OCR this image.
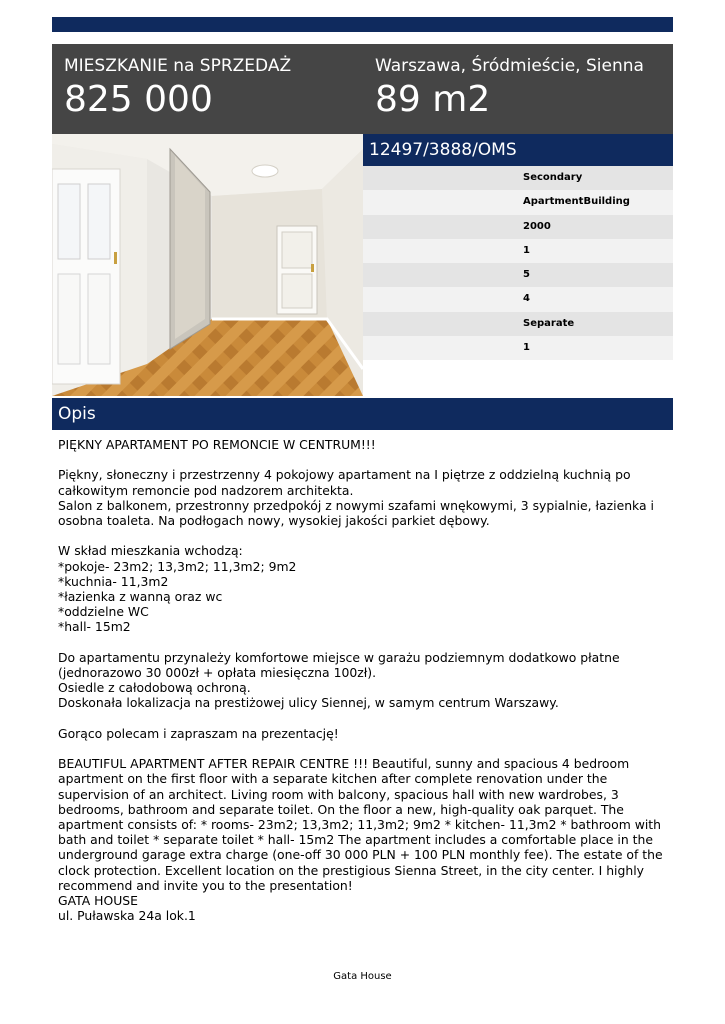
MIESZKANIE na SPRZEDAŻ
825 000
Warszawa, Śródmieście, Sienna
89 m2
12497/3888/OMS
Secondary
ApartmentBuilding
2000
1
5
4
Separate
1
Opis
PIĘKNY APARTAMENT PO REMONCIE W CENTRUM!!!

Piękny, słoneczny i przestrzenny 4 pokojowy apartament na I piętrze z oddzielną kuchnią po całkowitym remoncie pod nadzorem architekta.
Salon z balkonem, przestronny przedpokój z nowymi szafami wnękowymi, 3 sypialnie, łazienka i osobna toaleta. Na podłogach nowy, wysokiej jakości parkiet dębowy.

W skład mieszkania wchodzą:
*pokoje- 23m2; 13,3m2; 11,3m2; 9m2
*kuchnia- 11,3m2
*łazienka z wanną oraz wc
*oddzielne WC
*hall- 15m2

Do apartamentu przynależy komfortowe miejsce w garażu podziemnym dodatkowo płatne (jednorazowo 30 000zł + opłata miesięczna 100zł).
Osiedle z całodobową ochroną.
Doskonała lokalizacja na prestiżowej ulicy Siennej, w samym centrum Warszawy.

Gorąco polecam i zapraszam na prezentację!

BEAUTIFUL APARTMENT AFTER REPAIR CENTRE !!! Beautiful, sunny and spacious 4 bedroom apartment on the first floor with a separate kitchen after complete renovation under the supervision of an architect. Living room with balcony, spacious hall with new wardrobes, 3 bedrooms, bathroom and separate toilet. On the floor a new, high-quality oak parquet. The apartment consists of: * rooms- 23m2; 13,3m2; 11,3m2; 9m2 * kitchen- 11,3m2 * bathroom with bath and toilet * separate toilet * hall- 15m2 The apartment includes a comfortable place in the underground garage extra charge (one-off 30 000 PLN + 100 PLN monthly fee). The estate of the clock protection. Excellent location on the prestigious Sienna Street, in the city center. I highly recommend and invite you to the presentation!
GATA HOUSE
ul. Puławska 24a lok.1
Gata House
